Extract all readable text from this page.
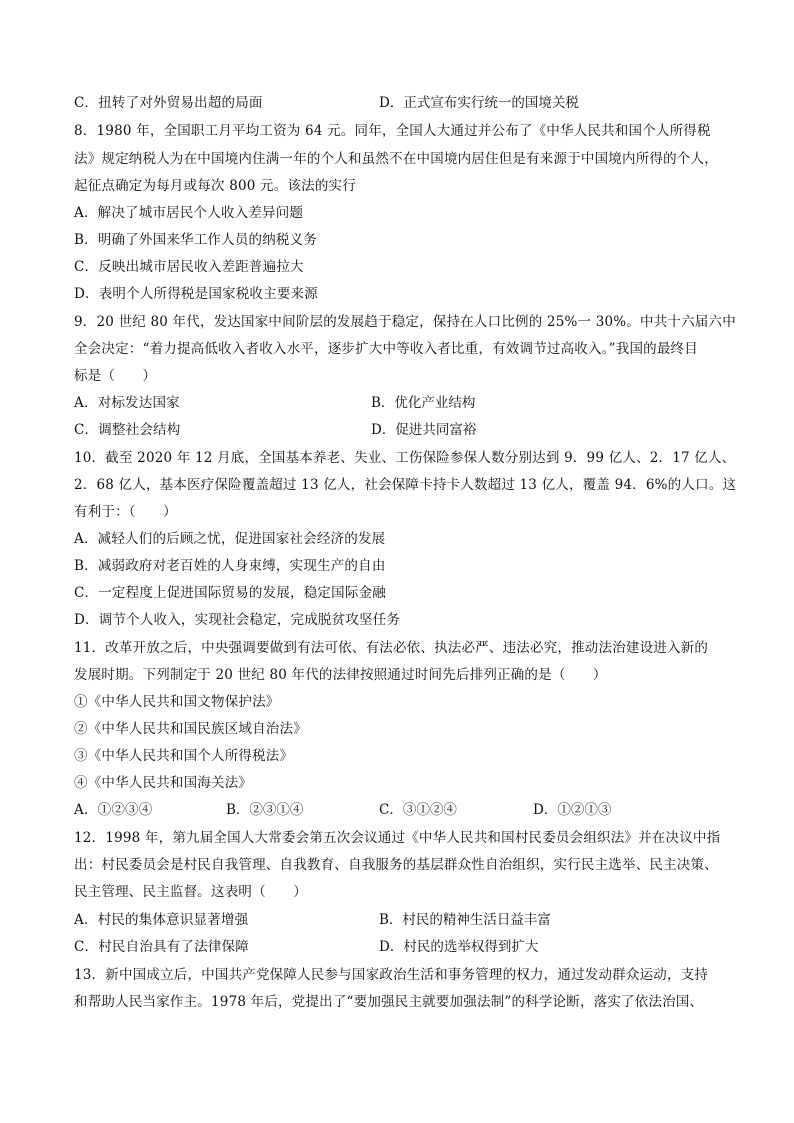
C．扭转了对外贸易出超的局面	D．正式宣布实行统一的国境关税
8．1980 年，全国职工月平均工资为 64 元。同年，全国人大通过并公布了《中华人民共和国个人所得税
法》规定纳税人为在中国境内住满一年的个人和虽然不在中国境内居住但是有来源于中国境内所得的个人，
起征点确定为每月或每次 800 元。该法的实行
A．解决了城市居民个人收入差异问题
B．明确了外国来华工作人员的纳税义务
C．反映出城市居民收入差距普遍拉大
D．表明个人所得税是国家税收主要来源
9．20 世纪 80 年代，发达国家中间阶层的发展趋于稳定，保持在人口比例的 25%一 30%。中共十六届六中
全会决定：“着力提高低收入者收入水平，逐步扩大中等收入者比重，有效调节过高收入。”我国的最终目
标是（　　）
A．对标发达国家	B．优化产业结构
C．调整社会结构	D．促进共同富裕
10．截至 2020 年 12 月底，全国基本养老、失业、工伤保险参保人数分别达到 9．99 亿人、2．17 亿人、
2．68 亿人，基本医疗保险覆盖超过 13 亿人，社会保障卡持卡人数超过 13 亿人，覆盖 94．6%的人口。这
有利于：（　　）
A．减轻人们的后顾之忧，促进国家社会经济的发展
B．减弱政府对老百姓的人身束缚，实现生产的自由
C．一定程度上促进国际贸易的发展，稳定国际金融
D．调节个人收入，实现社会稳定，完成脱贫攻坚任务
11．改革开放之后，中央强调要做到有法可依、有法必依、执法必严、违法必究，推动法治建设进入新的
发展时期。下列制定于 20 世纪 80 年代的法律按照通过时间先后排列正确的是（　　）
①《中华人民共和国文物保护法》
②《中华人民共和国民族区域自治法》
③《中华人民共和国个人所得税法》
④《中华人民共和国海关法》
A．①②③④	B．②③①④	C．③①②④	D．①②①③
12．1998 年，第九届全国人大常委会第五次会议通过《中华人民共和国村民委员会组织法》并在决议中指
出：村民委员会是村民自我管理、自我教育、自我服务的基层群众性自治组织，实行民主选举、民主决策、
民主管理、民主监督。这表明（　　）
A．村民的集体意识显著增强	B．村民的精神生活日益丰富
C．村民自治具有了法律保障	D．村民的选举权得到扩大
13．新中国成立后，中国共产党保障人民参与国家政治生活和事务管理的权力，通过发动群众运动，支持
和帮助人民当家作主。1978 年后，党提出了“要加强民主就要加强法制”的科学论断，落实了依法治国、
